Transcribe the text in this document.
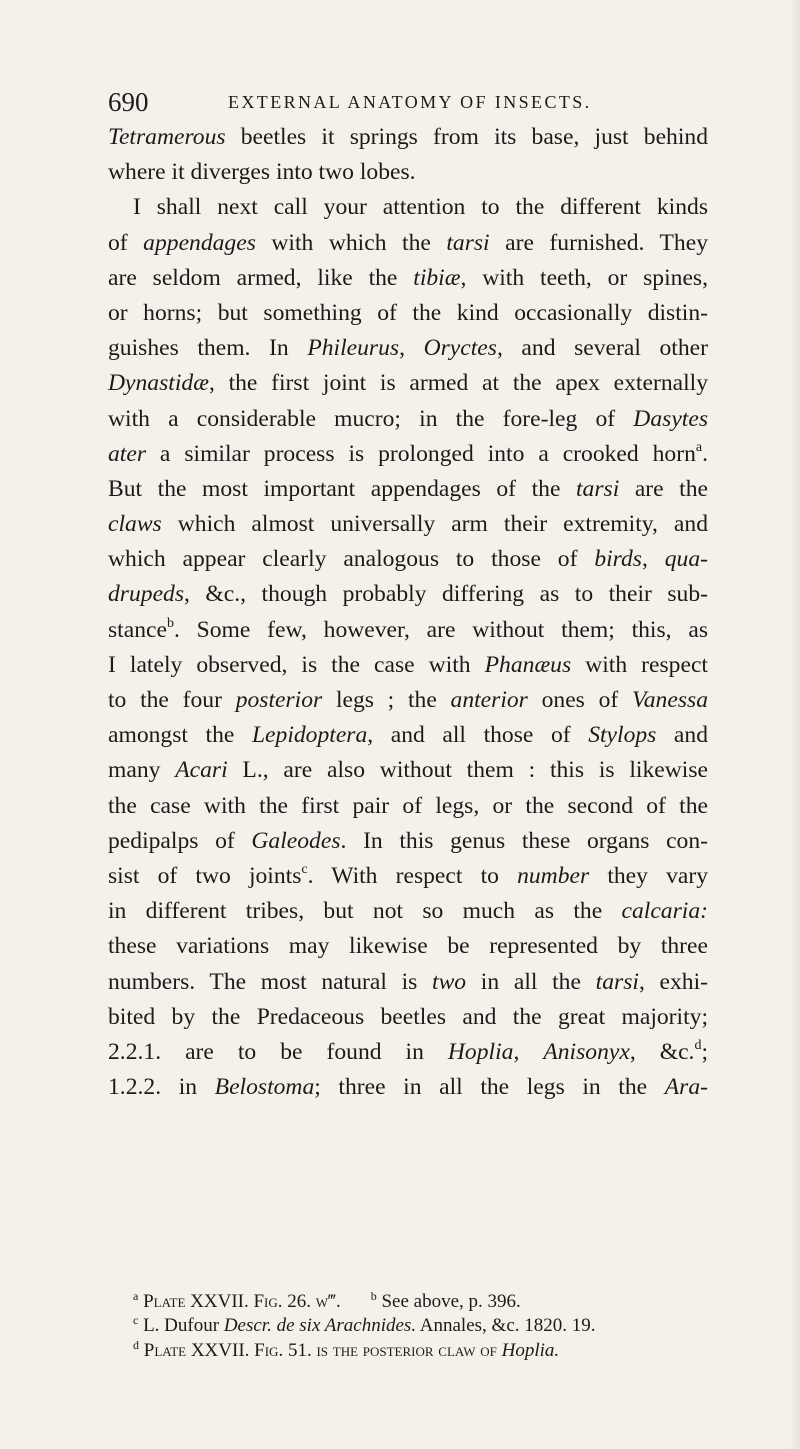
690	EXTERNAL ANATOMY OF INSECTS.
Tetramerous beetles it springs from its base, just behind
where it diverges into two lobes.
I shall next call your attention to the different kinds
of appendages with which the tarsi are furnished. They
are seldom armed, like the tibiæ, with teeth, or spines,
or horns; but something of the kind occasionally distin-
guishes them. In Phileurus, Oryctes, and several other
Dynastidæ, the first joint is armed at the apex externally
with a considerable mucro; in the fore-leg of Dasytes
ater a similar process is prolonged into a crooked horn$^a$.
But the most important appendages of the tarsi are the
claws which almost universally arm their extremity, and
which appear clearly analogous to those of birds, qua-
drupeds, &c., though probably differing as to their sub-
stance$^b$. Some few, however, are without them; this, as
I lately observed, is the case with Phanæus with respect
to the four posterior legs ; the anterior ones of Vanessa
amongst the Lepidoptera, and all those of Stylops and
many Acari L., are also without them : this is likewise
the case with the first pair of legs, or the second of the
pedipalps of Galeodes. In this genus these organs con-
sist of two joints$^c$. With respect to number they vary
in different tribes, but not so much as the calcaria:
these variations may likewise be represented by three
numbers. The most natural is two in all the tarsi, exhi-
bited by the Predaceous beetles and the great majority;
2.2.1. are to be found in Hoplia, Anisonyx, &c.$^d$;
1.2.2. in Belostoma; three in all the legs in the Ara-
$^a$ Plate XXVII. Fig. 26. w‴.	$^b$ See above, p. 396.
$^c$ L. Dufour Descr. de six Arachnides. Annales, &c. 1820. 19.
$^d$ Plate XXVII. Fig. 51. is the posterior claw of Hoplia.
